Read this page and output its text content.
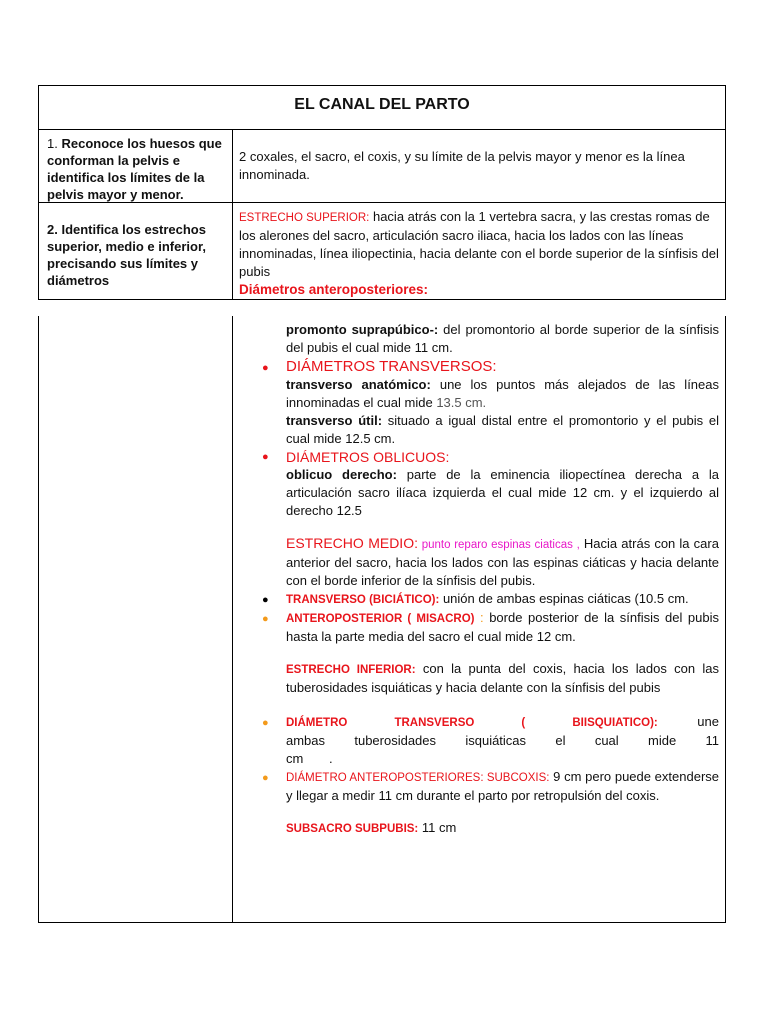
EL CANAL DEL PARTO
1. Reconoce los huesos que conforman la pelvis e identifica los límites de la pelvis mayor y menor.

2 coxales, el sacro, el coxis, y su límite de la pelvis mayor y menor es la línea innominada.

2. Identifica los estrechos superior, medio e inferior, precisando sus límites y diámetros

ESTRECHO SUPERIOR: hacia atrás con la 1 vertebra sacra, y las crestas romas de los alerones del sacro, articulación sacro iliaca, hacia los lados con las líneas innominadas, línea iliopectinia, hacia delante con el borde superior de la sínfisis del pubis

Diámetros anteroposteriores:

promonto suprapúbico-: del promontorio al borde superior de la sínfisis del pubis el cual mide 11 cm.

● DIÁMETROS TRANSVERSOS:

transverso anatómico: une los puntos más alejados de las líneas innominadas el cual mide 13.5 cm.

transverso útil: situado a igual distal entre el promontorio y el pubis el cual mide 12.5 cm.

● DIÁMETROS OBLICUOS:

oblicuo derecho: parte de la eminencia iliopectínea derecha a la articulación sacro ilíaca izquierda el cual mide 12 cm. y el izquierdo al derecho 12.5

ESTRECHO MEDIO: punto reparo espinas ciaticas , Hacia atrás con la cara anterior del sacro, hacia los lados con las espinas ciáticas y hacia delante con el borde inferior de la sínfisis del pubis.

● TRANSVERSO (BICIÁTICO): unión de ambas espinas ciáticas (10.5 cm.

● ANTEROPOSTERIOR ( MISACRO) : borde posterior de la sínfisis del pubis hasta la parte media del sacro el cual mide 12 cm.

ESTRECHO INFERIOR: con la punta del coxis, hacia los lados con las tuberosidades isquiáticas y hacia delante con la sínfisis del pubis

● DIÁMETRO TRANSVERSO ( BIISQUIATICO): une ambas tuberosidades isquiáticas el cual mide 11 cm .

● DIÁMETRO ANTEROPOSTERIORES: SUBCOXIS: 9 cm pero puede extenderse y llegar a medir 11 cm durante el parto por retropulsión del coxis.

SUBSACRO SUBPUBIS: 11 cm
